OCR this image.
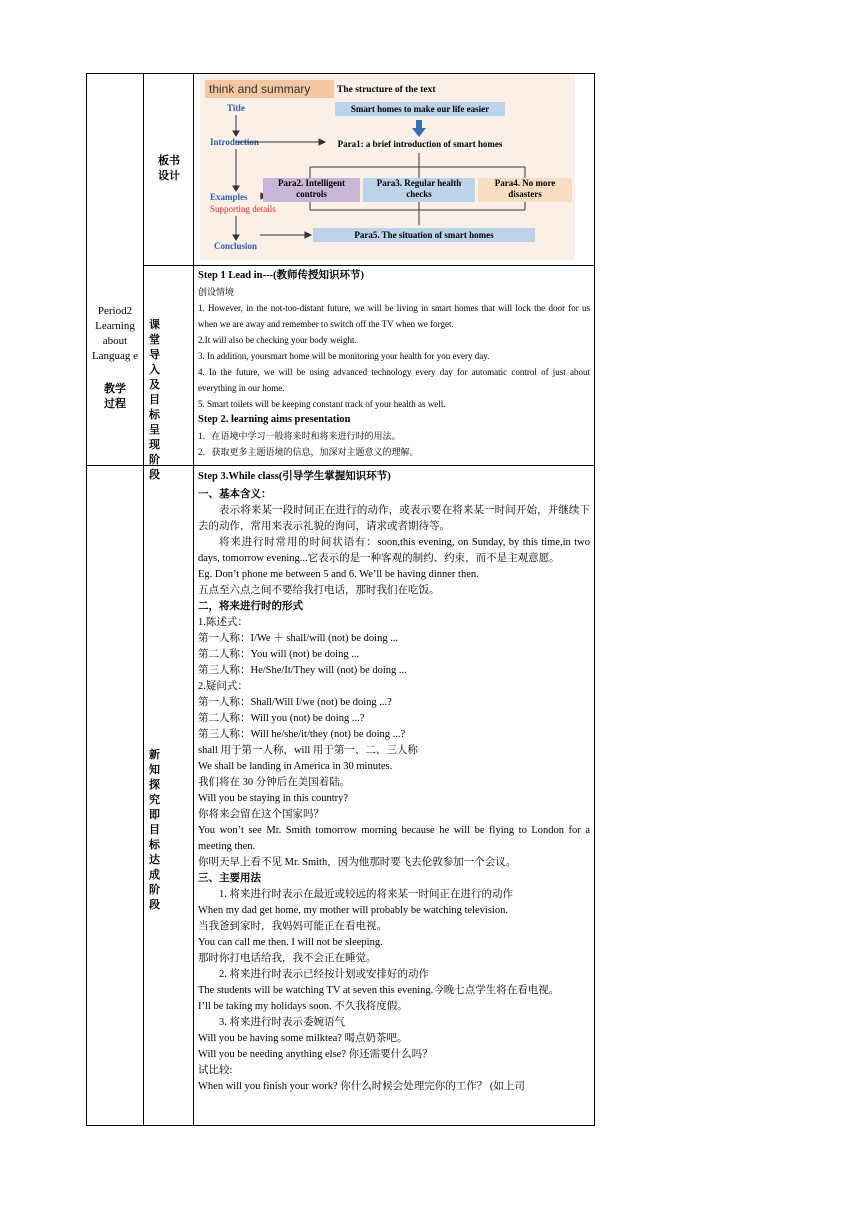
Period2 Learning about Languag e
教学 过程
板书 设计
think and summary	The structure of the text
Title
Introduction
Examples
Supporting details
Conclusion
Smart homes to make our life easier
Para1: a brief introduction of smart homes
Para2. Intelligent controls
Para3. Regular health checks
Para4. No more disasters
Para5. The situation of smart homes
课堂 导入 及目 标呈 现阶 段

Step 1 Lead in---(教师传授知识环节)

创设情境

1. However, in the not-too-distant future, we will be living in smart homes that will lock the door for us when we are away and remember to switch off the TV when we forget.

2.It will also be checking your body weight.

3. In addition, yoursmart home will be monitoring your health for you every day.

4. In the future, we will be using advanced technology every day for automatic control of just about everything in our home.

5. Smart toilets will be keeping constant track of your health as well.

Step 2. learning aims presentation

1．在语境中学习一般将来时和将来进行时的用法。

2．获取更多主题语境的信息，加深对主题意义的理解。

新知 探究 即目 标达 成阶 段

Step 3.While class(引导学生掌握知识环节)

一、基本含义：

表示将来某一段时间正在进行的动作，或表示要在将来某一时间开始，并继续下去的动作，常用来表示礼貌的询问，请求或者期待等。

将来进行时常用的时间状语有：soon,this evening, on Sunday, by this time,in two days, tomorrow evening...它表示的是一种客观的制约、约束，而不是主观意愿。

Eg. Don’t phone me between 5 and 6. We’ll be having dinner then.

五点至六点之间不要给我打电话，那时我们在吃饭。

二，将来进行时的形式

1.陈述式：

第一人称：I/We ＋ shall/will (not) be doing ...

第二人称：You will (not) be doing ...

第三人称：He/She/It/They will (not) be doing ...

2.疑问式：

第一人称：Shall/Will I/we (not) be doing ...?

第二人称：Will you (not) be doing ...?

第三人称：Will he/she/it/they (not) be doing ...?

shall 用于第一人称，will 用于第一、二、三人称

We shall be landing in America in 30 minutes.

我们将在 30 分钟后在美国着陆。

Will you be staying in this country?

你将来会留在这个国家吗？

You won’t see Mr. Smith tomorrow morning because he will be flying to London for a meeting then.

你明天早上看不见 Mr. Smith，因为他那时要飞去伦敦参加一个会议。

三、主要用法

1. 将来进行时表示在最近或较远的将来某一时间正在进行的动作

When my dad get home, my mother will probably be watching television.

当我爸到家时，我妈妈可能正在看电视。

You can call me then. I will not be sleeping.

那时你打电话给我，我不会正在睡觉。

2. 将来进行时表示已经按计划或安排好的动作

The students will be watching TV at seven this evening.今晚七点学生将在看电视。

I’ll be taking my holidays soon. 不久我将度假。

3. 将来进行时表示委婉语气

Will you be having some milktea? 喝点奶茶吧。

Will you be needing anything else? 你还需要什么吗？

试比较:

When will you finish your work? 你什么时候会处理完你的工作？ (如上司
